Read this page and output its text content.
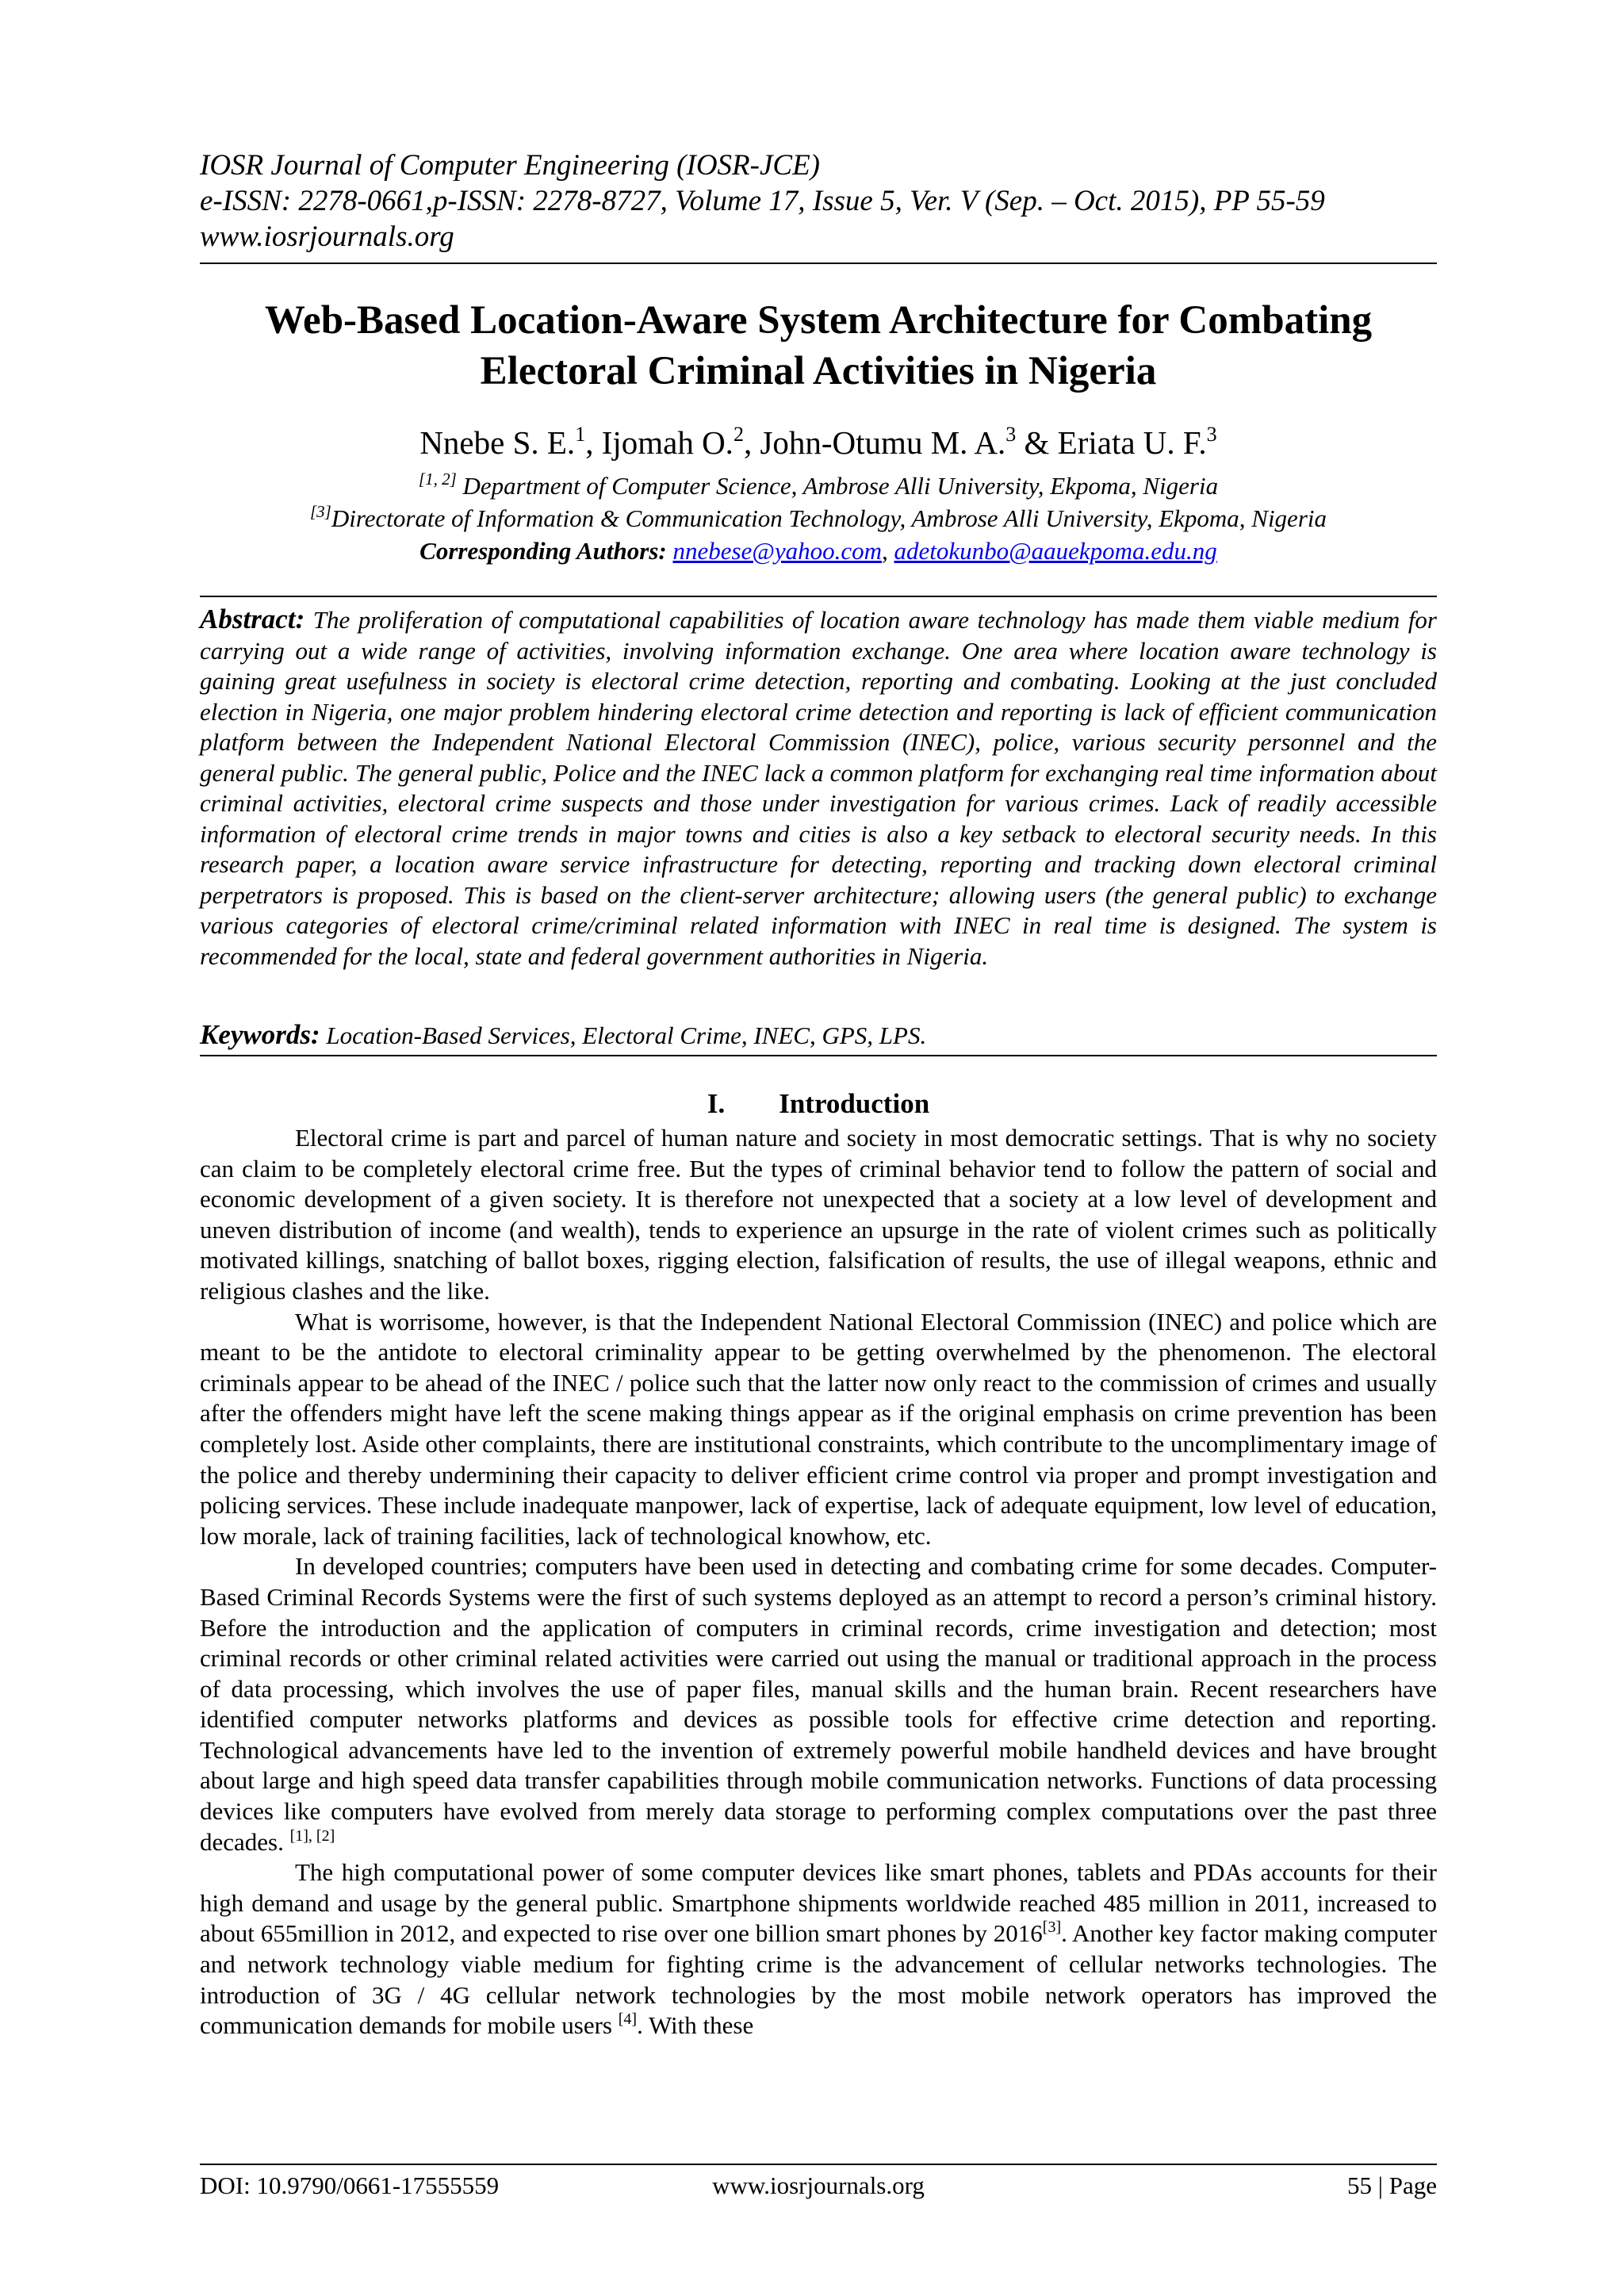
IOSR Journal of Computer Engineering (IOSR-JCE)
e-ISSN: 2278-0661,p-ISSN: 2278-8727, Volume 17, Issue 5, Ver. V (Sep. – Oct. 2015), PP 55-59
www.iosrjournals.org
Web-Based Location-Aware System Architecture for Combating
Electoral Criminal Activities in Nigeria
Nnebe S. E.$^1$, Ijomah O.$^2$, John-Otumu M. A.$^3$ & Eriata U. F.$^3$
[1, 2] Department of Computer Science, Ambrose Alli University, Ekpoma, Nigeria
[3]Directorate of Information & Communication Technology, Ambrose Alli University, Ekpoma, Nigeria
Corresponding Authors: nnebese@yahoo.com, adetokunbo@aauekpoma.edu.ng
Abstract: The proliferation of computational capabilities of location aware technology has made them viable medium for carrying out a wide range of activities, involving information exchange. One area where location aware technology is gaining great usefulness in society is electoral crime detection, reporting and combating. Looking at the just concluded election in Nigeria, one major problem hindering electoral crime detection and reporting is lack of efficient communication platform between the Independent National Electoral Commission (INEC), police, various security personnel and the general public. The general public, Police and the INEC lack a common platform for exchanging real time information about criminal activities, electoral crime suspects and those under investigation for various crimes. Lack of readily accessible information of electoral crime trends in major towns and cities is also a key setback to electoral security needs. In this research paper, a location aware service infrastructure for detecting, reporting and tracking down electoral criminal perpetrators is proposed. This is based on the client-server architecture; allowing users (the general public) to exchange various categories of electoral crime/criminal related information with INEC in real time is designed. The system is recommended for the local, state and federal government authorities in Nigeria.
Keywords: Location-Based Services, Electoral Crime, INEC, GPS, LPS.
I. Introduction

Electoral crime is part and parcel of human nature and society in most democratic settings. That is why no society can claim to be completely electoral crime free. But the types of criminal behavior tend to follow the pattern of social and economic development of a given society. It is therefore not unexpected that a society at a low level of development and uneven distribution of income (and wealth), tends to experience an upsurge in the rate of violent crimes such as politically motivated killings, snatching of ballot boxes, rigging election, falsification of results, the use of illegal weapons, ethnic and religious clashes and the like.

What is worrisome, however, is that the Independent National Electoral Commission (INEC) and police which are meant to be the antidote to electoral criminality appear to be getting overwhelmed by the phenomenon. The electoral criminals appear to be ahead of the INEC / police such that the latter now only react to the commission of crimes and usually after the offenders might have left the scene making things appear as if the original emphasis on crime prevention has been completely lost. Aside other complaints, there are institutional constraints, which contribute to the uncomplimentary image of the police and thereby undermining their capacity to deliver efficient crime control via proper and prompt investigation and policing services. These include inadequate manpower, lack of expertise, lack of adequate equipment, low level of education, low morale, lack of training facilities, lack of technological knowhow, etc.

In developed countries; computers have been used in detecting and combating crime for some decades. Computer-Based Criminal Records Systems were the first of such systems deployed as an attempt to record a person’s criminal history. Before the introduction and the application of computers in criminal records, crime investigation and detection; most criminal records or other criminal related activities were carried out using the manual or traditional approach in the process of data processing, which involves the use of paper files, manual skills and the human brain. Recent researchers have identified computer networks platforms and devices as possible tools for effective crime detection and reporting. Technological advancements have led to the invention of extremely powerful mobile handheld devices and have brought about large and high speed data transfer capabilities through mobile communication networks. Functions of data processing devices like computers have evolved from merely data storage to performing complex computations over the past three decades. [1], [2]

The high computational power of some computer devices like smart phones, tablets and PDAs accounts for their high demand and usage by the general public. Smartphone shipments worldwide reached 485 million in 2011, increased to about 655million in 2012, and expected to rise over one billion smart phones by 2016[3]. Another key factor making computer and network technology viable medium for fighting crime is the advancement of cellular networks technologies. The introduction of 3G / 4G cellular network technologies by the most mobile network operators has improved the communication demands for mobile users [4]. With these

DOI: 10.9790/0661-17555559	www.iosrjournals.org	55 | Page
